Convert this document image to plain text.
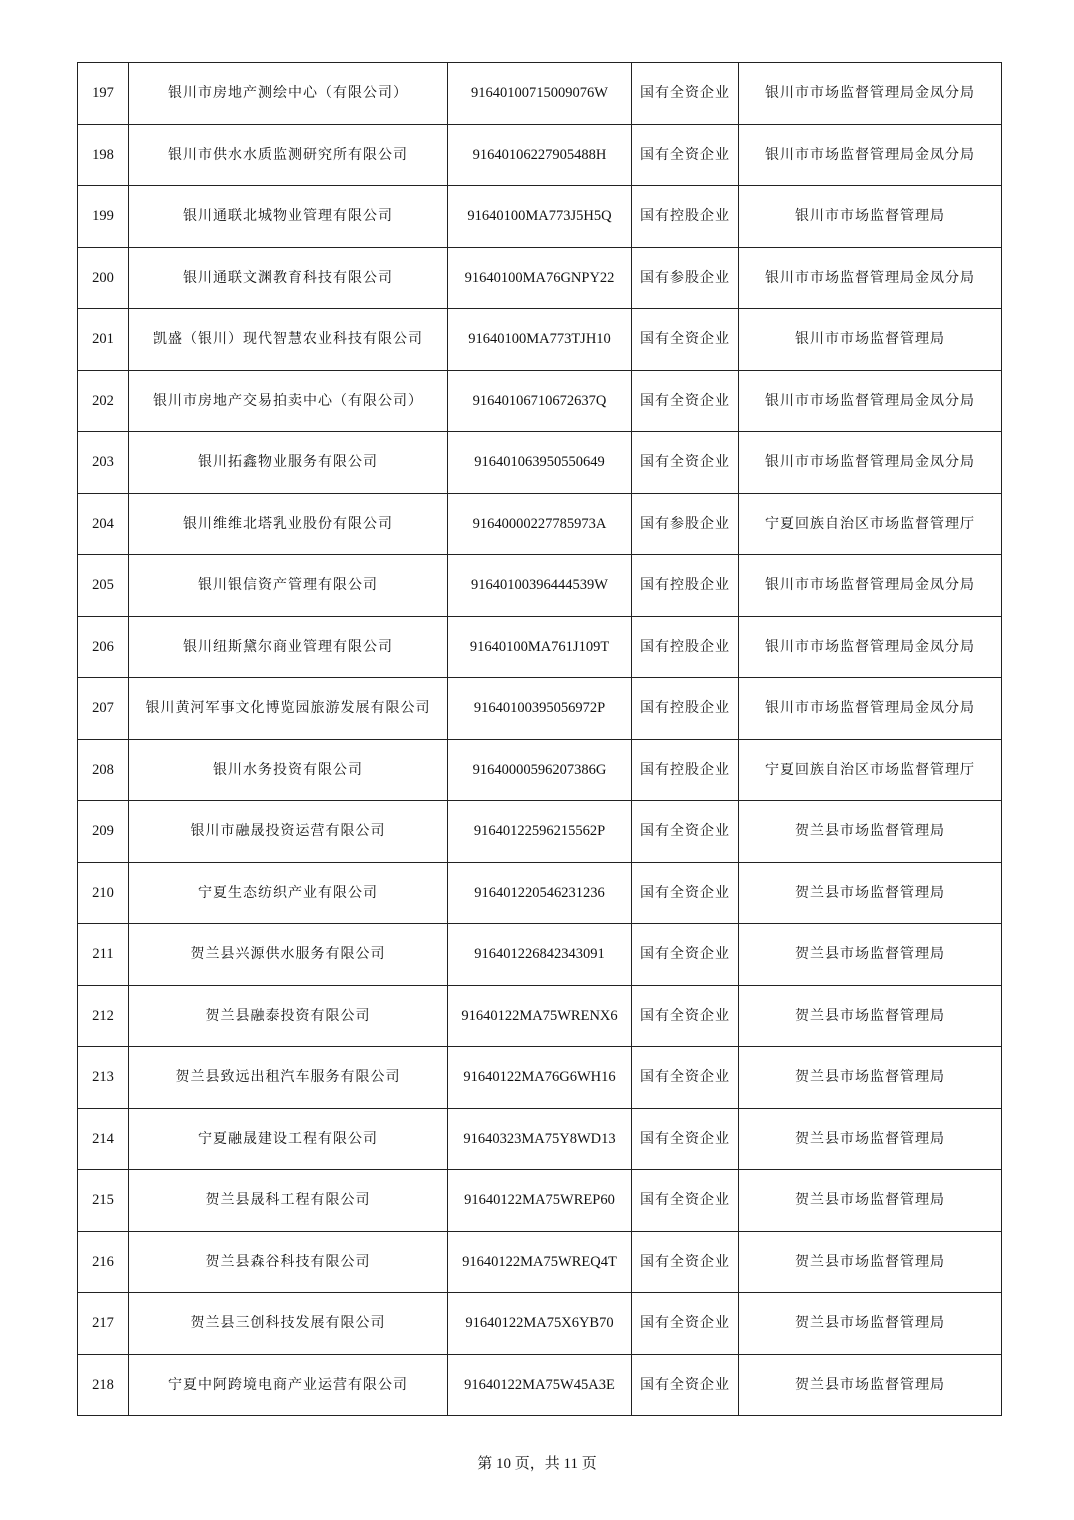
197	银川市房地产测绘中心（有限公司）	91640100715009076W	国有全资企业	银川市市场监督管理局金凤分局
198	银川市供水水质监测研究所有限公司	91640106227905488H	国有全资企业	银川市市场监督管理局金凤分局
199	银川通联北城物业管理有限公司	91640100MA773J5H5Q	国有控股企业	银川市市场监督管理局
200	银川通联文渊教育科技有限公司	91640100MA76GNPY22	国有参股企业	银川市市场监督管理局金凤分局
201	凯盛（银川）现代智慧农业科技有限公司	91640100MA773TJH10	国有全资企业	银川市市场监督管理局
202	银川市房地产交易拍卖中心（有限公司）	91640106710672637Q	国有全资企业	银川市市场监督管理局金凤分局
203	银川拓鑫物业服务有限公司	916401063950550649	国有全资企业	银川市市场监督管理局金凤分局
204	银川维维北塔乳业股份有限公司	91640000227785973A	国有参股企业	宁夏回族自治区市场监督管理厅
205	银川银信资产管理有限公司	91640100396444539W	国有控股企业	银川市市场监督管理局金凤分局
206	银川纽斯黛尔商业管理有限公司	91640100MA761J109T	国有控股企业	银川市市场监督管理局金凤分局
207	银川黄河军事文化博览园旅游发展有限公司	91640100395056972P	国有控股企业	银川市市场监督管理局金凤分局
208	银川水务投资有限公司	91640000596207386G	国有控股企业	宁夏回族自治区市场监督管理厅
209	银川市融晟投资运营有限公司	91640122596215562P	国有全资企业	贺兰县市场监督管理局
210	宁夏生态纺织产业有限公司	916401220546231236	国有全资企业	贺兰县市场监督管理局
211	贺兰县兴源供水服务有限公司	916401226842343091	国有全资企业	贺兰县市场监督管理局
212	贺兰县融泰投资有限公司	91640122MA75WRENX6	国有全资企业	贺兰县市场监督管理局
213	贺兰县致远出租汽车服务有限公司	91640122MA76G6WH16	国有全资企业	贺兰县市场监督管理局
214	宁夏融晟建设工程有限公司	91640323MA75Y8WD13	国有全资企业	贺兰县市场监督管理局
215	贺兰县晟科工程有限公司	91640122MA75WREP60	国有全资企业	贺兰县市场监督管理局
216	贺兰县森谷科技有限公司	91640122MA75WREQ4T	国有全资企业	贺兰县市场监督管理局
217	贺兰县三创科技发展有限公司	91640122MA75X6YB70	国有全资企业	贺兰县市场监督管理局
218	宁夏中阿跨境电商产业运营有限公司	91640122MA75W45A3E	国有全资企业	贺兰县市场监督管理局
第 10 页，共 11 页
